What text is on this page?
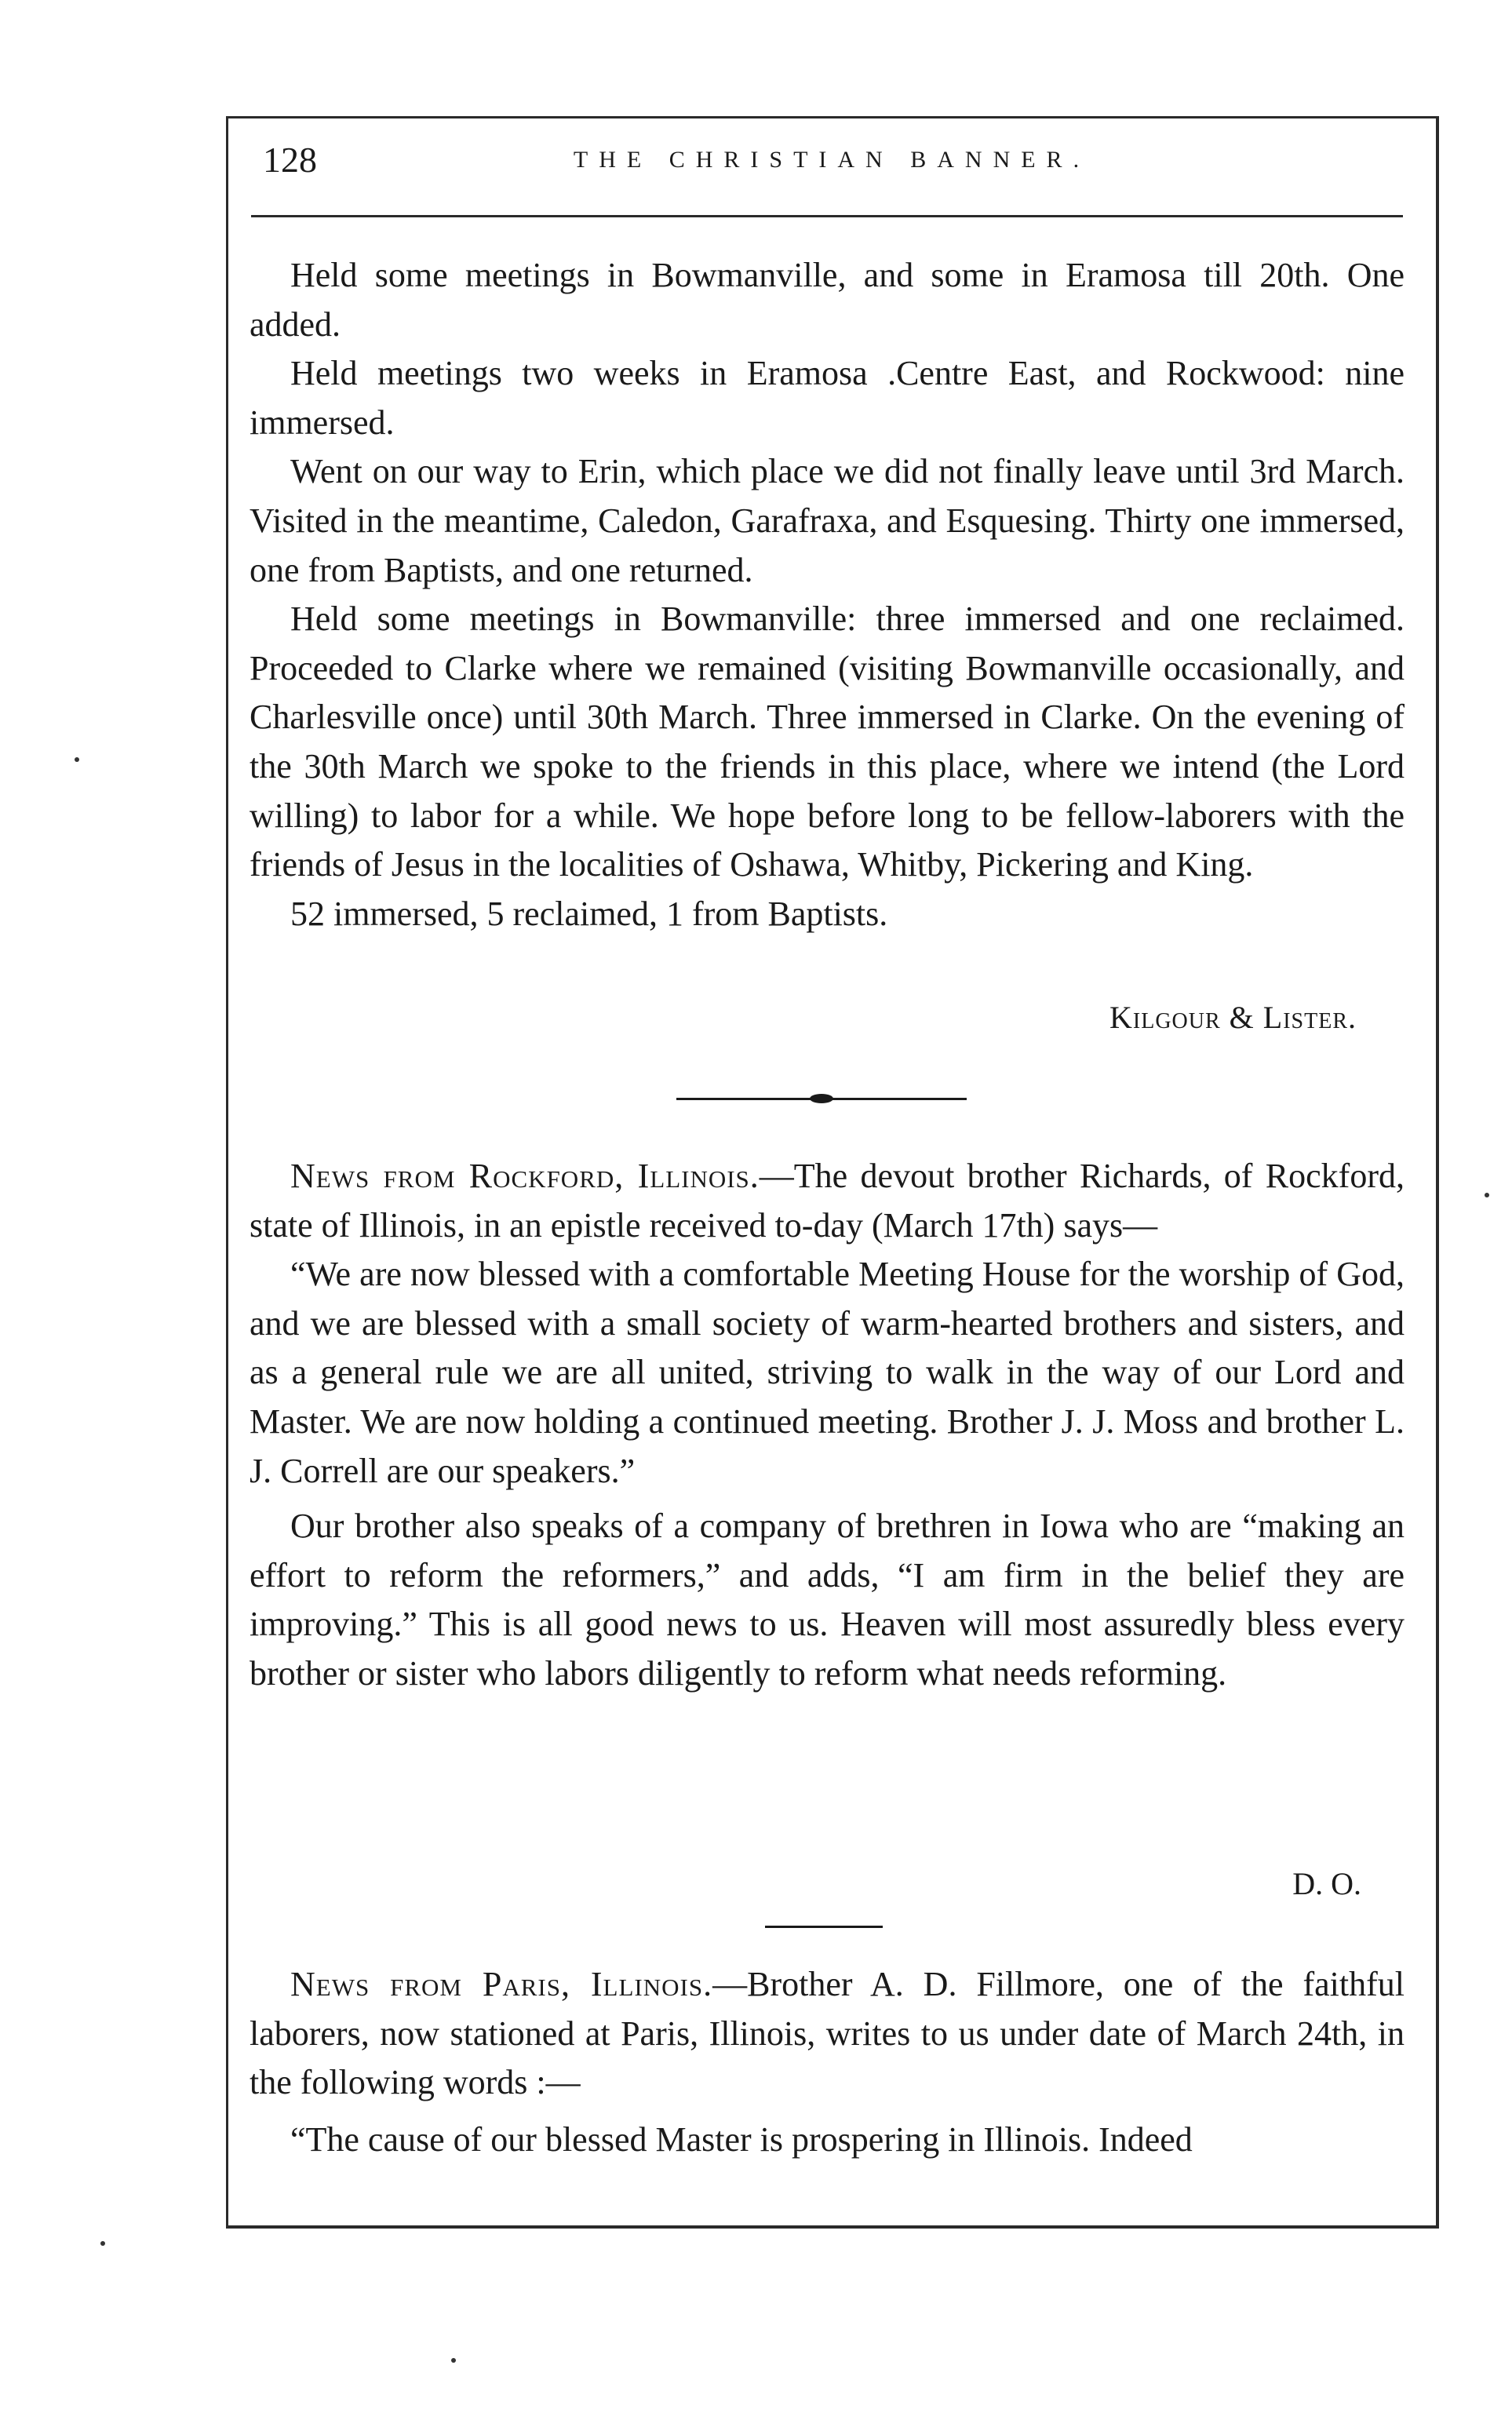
128	THE CHRISTIAN BANNER.

Held some meetings in Bowmanville, and some in Eramosa till 20th. One added.

Held meetings two weeks in Eramosa .Centre East, and Rockwood: nine immersed.

Went on our way to Erin, which place we did not finally leave until 3rd March. Visited in the meantime, Caledon, Garafraxa, and Esquesing. Thirty one immersed, one from Baptists, and one returned.

Held some meetings in Bowmanville: three immersed and one reclaimed. Proceeded to Clarke where we remained (visiting Bowmanville occasionally, and Charlesville once) until 30th March. Three immersed in Clarke. On the evening of the 30th March we spoke to the friends in this place, where we intend (the Lord willing) to labor for a while. We hope before long to be fellow-laborers with the friends of Jesus in the localities of Oshawa, Whitby, Pickering and King.

52 immersed, 5 reclaimed, 1 from Baptists.

Kilgour & Lister.

News from Rockford, Illinois.—The devout brother Richards, of Rockford, state of Illinois, in an epistle received to-day (March 17th) says—

“We are now blessed with a comfortable Meeting House for the worship of God, and we are blessed with a small society of warm-hearted brothers and sisters, and as a general rule we are all united, striving to walk in the way of our Lord and Master. We are now holding a continued meeting. Brother J. J. Moss and brother L. J. Correll are our speakers.”

Our brother also speaks of a company of brethren in Iowa who are “making an effort to reform the reformers,” and adds, “I am firm in the belief they are improving.” This is all good news to us. Heaven will most assuredly bless every brother or sister who labors diligently to reform what needs reforming.

D. O.

News from Paris, Illinois.—Brother A. D. Fillmore, one of the faithful laborers, now stationed at Paris, Illinois, writes to us under date of March 24th, in the following words :—

“The cause of our blessed Master is prospering in Illinois. Indeed
